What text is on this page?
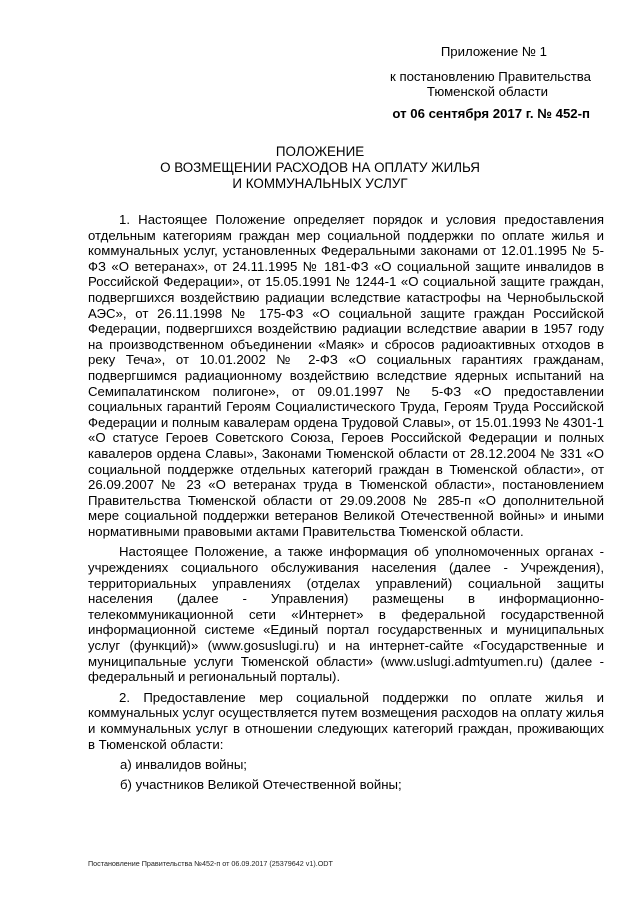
Приложение № 1
к постановлению Правительства
Тюменской области
от 06 сентября 2017 г. № 452-п
ПОЛОЖЕНИЕ
О ВОЗМЕЩЕНИИ РАСХОДОВ НА ОПЛАТУ ЖИЛЬЯ
И КОММУНАЛЬНЫХ УСЛУГ

1. Настоящее Положение определяет порядок и условия предоставления отдельным категориям граждан мер социальной поддержки по оплате жилья и коммунальных услуг, установленных Федеральными законами от 12.01.1995 № 5-ФЗ «О ветеранах», от 24.11.1995 № 181-ФЗ «О социальной защите инвалидов в Российской Федерации», от 15.05.1991 № 1244-1 «О социальной защите граждан, подвергшихся воздействию радиации вследствие катастрофы на Чернобыльской АЭС», от 26.11.1998 № 175-ФЗ «О социальной защите граждан Российской Федерации, подвергшихся воздействию радиации вследствие аварии в 1957 году на производственном объединении «Маяк» и сбросов радиоактивных отходов в реку Теча», от 10.01.2002 № 2-ФЗ «О социальных гарантиях гражданам, подвергшимся радиационному воздействию вследствие ядерных испытаний на Семипалатинском полигоне», от 09.01.1997 № 5-ФЗ «О предоставлении социальных гарантий Героям Социалистического Труда, Героям Труда Российской Федерации и полным кавалерам ордена Трудовой Славы», от 15.01.1993 № 4301-1 «О статусе Героев Советского Союза, Героев Российской Федерации и полных кавалеров ордена Славы», Законами Тюменской области от 28.12.2004 № 331 «О социальной поддержке отдельных категорий граждан в Тюменской области», от 26.09.2007 № 23 «О ветеранах труда в Тюменской области», постановлением Правительства Тюменской области от 29.09.2008 № 285-п «О дополнительной мере социальной поддержки ветеранов Великой Отечественной войны» и иными нормативными правовыми актами Правительства Тюменской области.

Настоящее Положение, а также информация об уполномоченных органах - учреждениях социального обслуживания населения (далее - Учреждения), территориальных управлениях (отделах управлений) социальной защиты населения (далее - Управления) размещены в информационно-телекоммуникационной сети «Интернет» в федеральной государственной информационной системе «Единый портал государственных и муниципальных услуг (функций)» (www.gosuslugi.ru) и на интернет-сайте «Государственные и муниципальные услуги Тюменской области» (www.uslugi.admtyumen.ru) (далее - федеральный и региональный порталы).

2. Предоставление мер социальной поддержки по оплате жилья и коммунальных услуг осуществляется путем возмещения расходов на оплату жилья и коммунальных услуг в отношении следующих категорий граждан, проживающих в Тюменской области:

а) инвалидов войны;

б) участников Великой Отечественной войны;

Постановление Правительства №452-п от 06.09.2017 (25379642 v1).ODT
